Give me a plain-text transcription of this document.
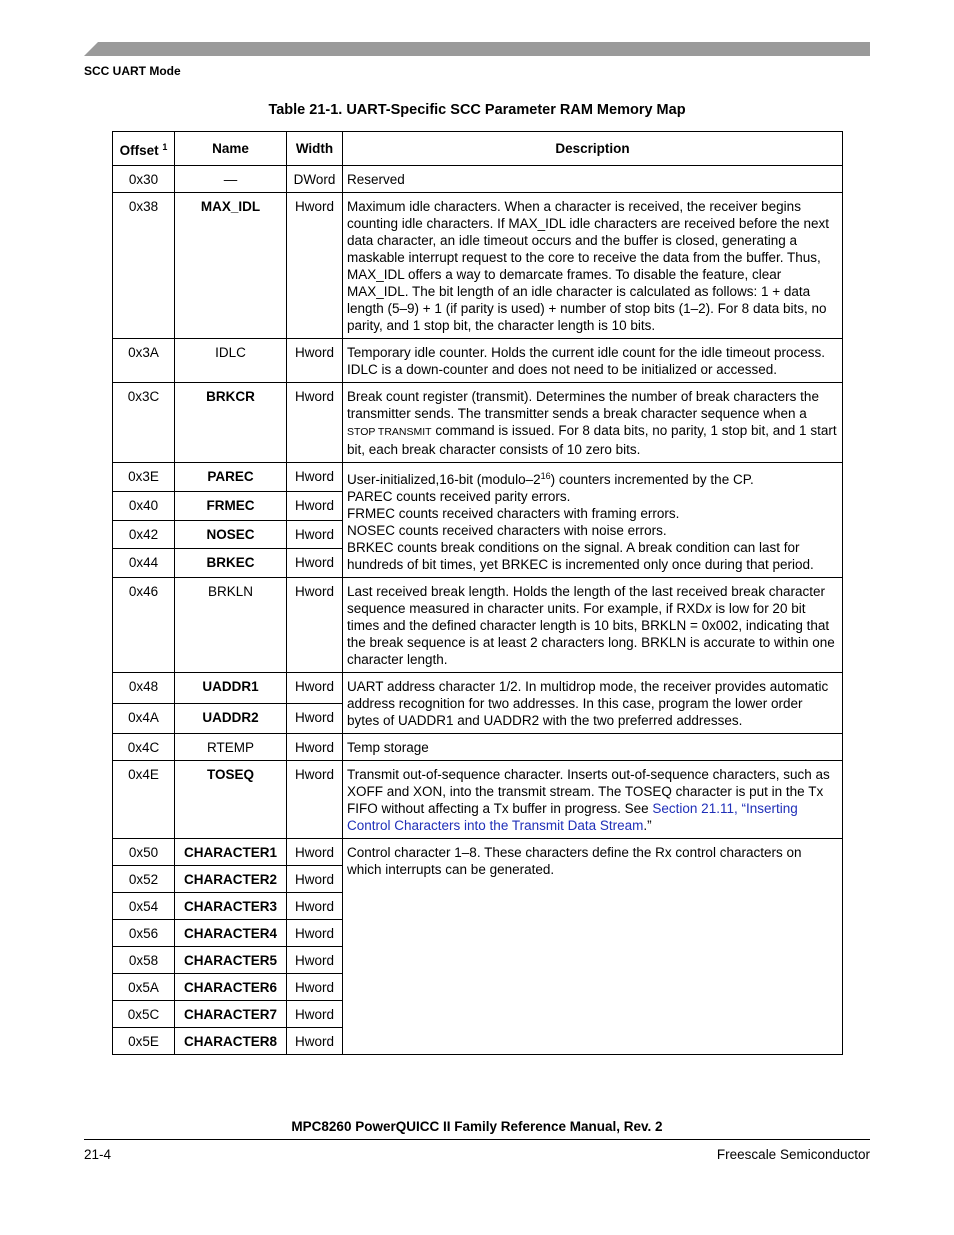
SCC UART Mode
Table 21-1. UART-Specific SCC Parameter RAM Memory Map
Offset $^1$	Name	Width	Description
0x30	—	DWord	Reserved
0x38	MAX_IDL	Hword	Maximum idle characters. When a character is received, the receiver begins counting idle characters. If MAX_IDL idle characters are received before the next data character, an idle timeout occurs and the buffer is closed, generating a maskable interrupt request to the core to receive the data from the buffer. Thus, MAX_IDL offers a way to demarcate frames. To disable the feature, clear MAX_IDL. The bit length of an idle character is calculated as follows: 1 + data length (5–9) + 1 (if parity is used) + number of stop bits (1–2). For 8 data bits, no parity, and 1 stop bit, the character length is 10 bits.
0x3A	IDLC	Hword	Temporary idle counter. Holds the current idle count for the idle timeout process. IDLC is a down-counter and does not need to be initialized or accessed.
0x3C	BRKCR	Hword	Break count register (transmit). Determines the number of break characters the transmitter sends. The transmitter sends a break character sequence when a
STOP TRANSMIT command is issued. For 8 data bits, no parity, 1 stop bit, and 1 start bit, each break character consists of 10 zero bits.
0x3E	PAREC	Hword	User-initialized,16-bit $(modulo-2^{16})$ counters incremented by the CP.
PAREC counts received parity errors.
FRMEC counts received characters with framing errors.
NOSEC counts received characters with noise errors.
BRKEC counts break conditions on the signal. A break condition can last for hundreds of bit times, yet BRKEC is incremented only once during that period.
0x40	FRMEC	Hword	
0x42	NOSEC	Hword	
0x44	BRKEC	Hword	
0x46	BRKLN	Hword	Last received break length. Holds the length of the last received break character sequence measured in character units. For example, if RXDx is low for 20 bit times and the defined character length is 10 bits, BRKLN = 0x002, indicating that the break sequence is at least 2 characters long. BRKLN is accurate to within one character length.
0x48	UADDR1	Hword	UART address character 1/2. In multidrop mode, the receiver provides automatic address recognition for two addresses. In this case, program the lower order bytes of UADDR1 and UADDR2 with the two preferred addresses.
0x4A	UADDR2	Hword	
0x4C	RTEMP	Hword	Temp storage
0x4E	TOSEQ	Hword	Transmit out-of-sequence character. Inserts out-of-sequence characters, such as XOFF and XON, into the transmit stream. The TOSEQ character is put in the Tx FIFO without affecting a Tx buffer in progress. See Section 21.11, “Inserting Control Characters into the Transmit Data Stream.”
0x50	CHARACTER1	Hword	Control character 1–8. These characters define the Rx control characters on which interrupts can be generated.
0x52	CHARACTER2	Hword	
0x54	CHARACTER3	Hword	
0x56	CHARACTER4	Hword	
0x58	CHARACTER5	Hword	
0x5A	CHARACTER6	Hword	
0x5C	CHARACTER7	Hword	
0x5E	CHARACTER8	Hword	
MPC8260 PowerQUICC II Family Reference Manual, Rev. 2
21-4	Freescale Semiconductor
